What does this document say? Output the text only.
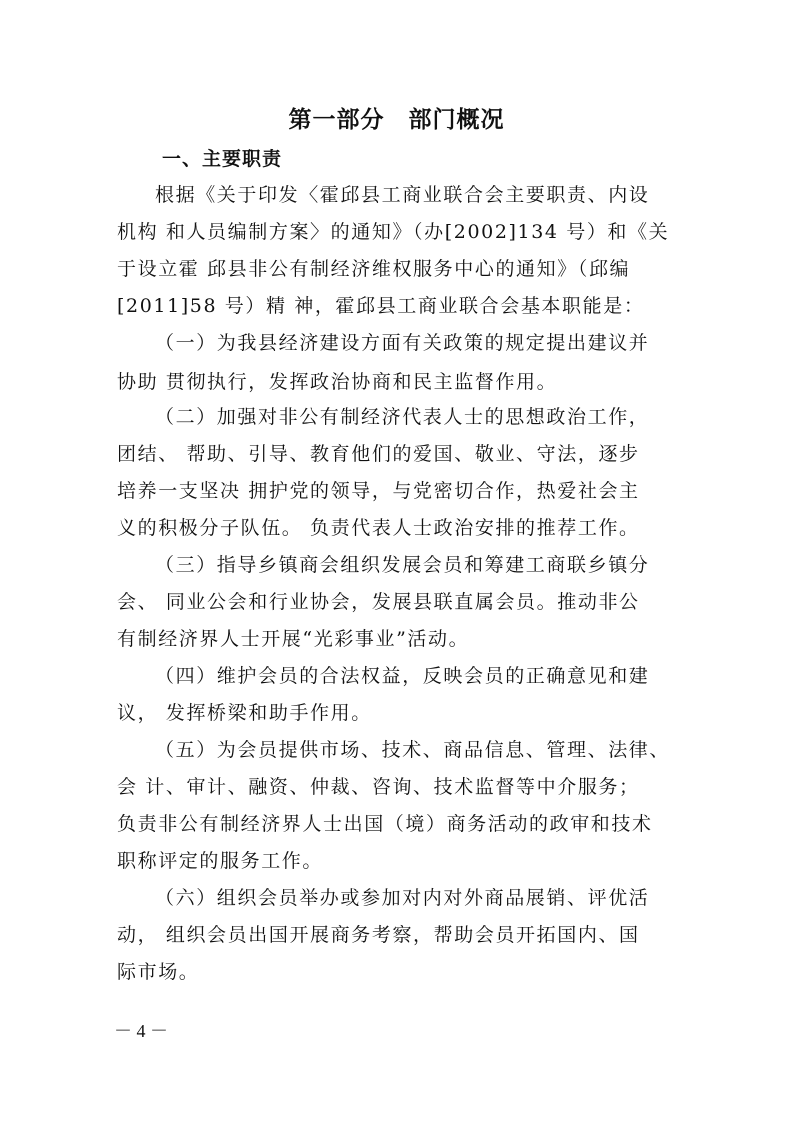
第一部分　部门概况
一、主要职责
根据《关于印发〈霍邱县工商业联合会主要职责、内设
机构 和人员编制方案〉的通知》（办[2002]134 号）和《关
于设立霍 邱县非公有制经济维权服务中心的通知》（邱编
[2011]58 号）精 神，霍邱县工商业联合会基本职能是：
（一）为我县经济建设方面有关政策的规定提出建议并
协助 贯彻执行，发挥政治协商和民主监督作用。
（二）加强对非公有制经济代表人士的思想政治工作，
团结、 帮助、引导、教育他们的爱国、敬业、守法，逐步
培养一支坚决 拥护党的领导，与党密切合作，热爱社会主
义的积极分子队伍。 负责代表人士政治安排的推荐工作。
（三）指导乡镇商会组织发展会员和筹建工商联乡镇分
会、 同业公会和行业协会，发展县联直属会员。推动非公
有制经济界人士开展“光彩事业”活动。
（四）维护会员的合法权益，反映会员的正确意见和建
议， 发挥桥梁和助手作用。
（五）为会员提供市场、技术、商品信息、管理、法律、
会 计、审计、融资、仲裁、咨询、技术监督等中介服务；
负责非公有制经济界人士出国（境）商务活动的政审和技术
职称评定的服务工作。
（六）组织会员举办或参加对内对外商品展销、评优活
动， 组织会员出国开展商务考察，帮助会员开拓国内、国
际市场。
－ 4 －
